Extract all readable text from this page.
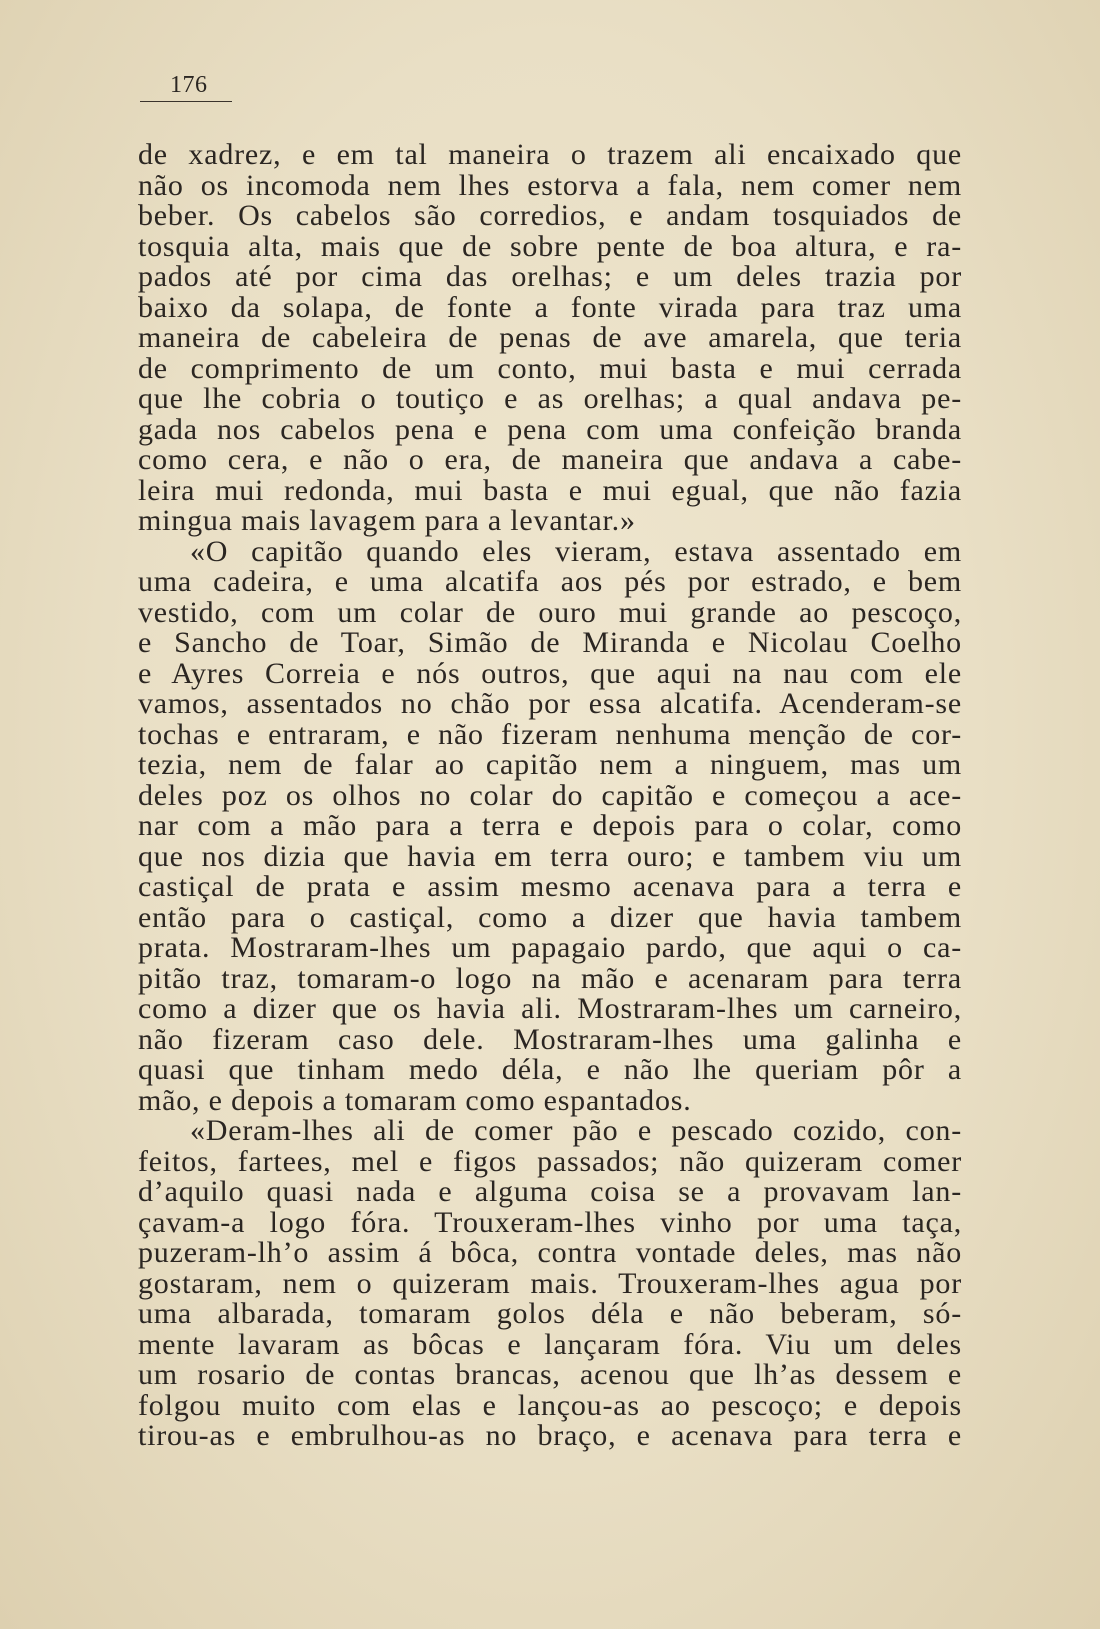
176
de xadrez, e em tal maneira o trazem ali encaixado que
não os incomoda nem lhes estorva a fala, nem comer nem
beber. Os cabelos são corredios, e andam tosquiados de
tosquia alta, mais que de sobre pente de boa altura, e ra-
pados até por cima das orelhas; e um deles trazia por
baixo da solapa, de fonte a fonte virada para traz uma
maneira de cabeleira de penas de ave amarela, que teria
de comprimento de um conto, mui basta e mui cerrada
que lhe cobria o toutiço e as orelhas; a qual andava pe-
gada nos cabelos pena e pena com uma confeição branda
como cera, e não o era, de maneira que andava a cabe-
leira mui redonda, mui basta e mui egual, que não fazia
mingua mais lavagem para a levantar.»
«O capitão quando eles vieram, estava assentado em
uma cadeira, e uma alcatifa aos pés por estrado, e bem
vestido, com um colar de ouro mui grande ao pescoço,
e Sancho de Toar, Simão de Miranda e Nicolau Coelho
e Ayres Correia e nós outros, que aqui na nau com ele
vamos, assentados no chão por essa alcatifa. Acenderam-se
tochas e entraram, e não fizeram nenhuma menção de cor-
tezia, nem de falar ao capitão nem a ninguem, mas um
deles poz os olhos no colar do capitão e começou a ace-
nar com a mão para a terra e depois para o colar, como
que nos dizia que havia em terra ouro; e tambem viu um
castiçal de prata e assim mesmo acenava para a terra e
então para o castiçal, como a dizer que havia tambem
prata. Mostraram-lhes um papagaio pardo, que aqui o ca-
pitão traz, tomaram-o logo na mão e acenaram para terra
como a dizer que os havia ali. Mostraram-lhes um carneiro,
não fizeram caso dele. Mostraram-lhes uma galinha e
quasi que tinham medo déla, e não lhe queriam pôr a
mão, e depois a tomaram como espantados.
«Deram-lhes ali de comer pão e pescado cozido, con-
feitos, fartees, mel e figos passados; não quizeram comer
d’aquilo quasi nada e alguma coisa se a provavam lan-
çavam-a logo fóra. Trouxeram-lhes vinho por uma taça,
puzeram-lh’o assim á bôca, contra vontade deles, mas não
gostaram, nem o quizeram mais. Trouxeram-lhes agua por
uma albarada, tomaram golos déla e não beberam, só-
mente lavaram as bôcas e lançaram fóra. Viu um deles
um rosario de contas brancas, acenou que lh’as dessem e
folgou muito com elas e lançou-as ao pescoço; e depois
tirou-as e embrulhou-as no braço, e acenava para terra e
